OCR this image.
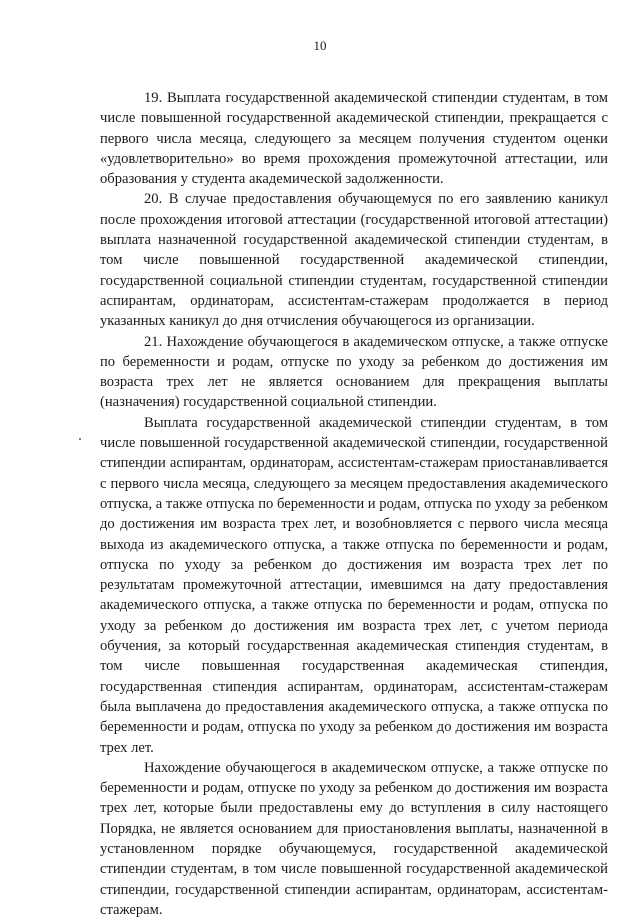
10

19. Выплата государственной академической стипендии студентам, в том числе повышенной государственной академической стипендии, прекращается с первого числа месяца, следующего за месяцем получения студентом оценки «удовлетворительно» во время прохождения промежуточной аттестации, или образования у студента академической задолженности.

20. В случае предоставления обучающемуся по его заявлению каникул после прохождения итоговой аттестации (государственной итоговой аттестации) выплата назначенной государственной академической стипендии студентам, в том числе повышенной государственной академической стипендии, государственной социальной стипендии студентам, государственной стипендии аспирантам, ординаторам, ассистентам-стажерам продолжается в период указанных каникул до дня отчисления обучающегося из организации.

21. Нахождение обучающегося в академическом отпуске, а также отпуске по беременности и родам, отпуске по уходу за ребенком до достижения им возраста трех лет не является основанием для прекращения выплаты (назначения) государственной социальной стипендии.

Выплата государственной академической стипендии студентам, в том числе повышенной государственной академической стипендии, государственной стипендии аспирантам, ординаторам, ассистентам-стажерам приостанавливается с первого числа месяца, следующего за месяцем предоставления академического отпуска, а также отпуска по беременности и родам, отпуска по уходу за ребенком до достижения им возраста трех лет, и возобновляется с первого числа месяца выхода из академического отпуска, а также отпуска по беременности и родам, отпуска по уходу за ребенком до достижения им возраста трех лет по результатам промежуточной аттестации, имевшимся на дату предоставления академического отпуска, а также отпуска по беременности и родам, отпуска по уходу за ребенком до достижения им возраста трех лет, с учетом периода обучения, за который государственная академическая стипендия студентам, в том числе повышенная государственная академическая стипендия, государственная стипендия аспирантам, ординаторам, ассистентам-стажерам была выплачена до предоставления академического отпуска, а также отпуска по беременности и родам, отпуска по уходу за ребенком до достижения им возраста трех лет.

Нахождение обучающегося в академическом отпуске, а также отпуске по беременности и родам, отпуске по уходу за ребенком до достижения им возраста трех лет, которые были предоставлены ему до вступления в силу настоящего Порядка, не является основанием для приостановления выплаты, назначенной в установленном порядке обучающемуся, государственной академической стипендии студентам, в том числе повышенной государственной академической стипендии, государственной стипендии аспирантам, ординаторам, ассистентам-стажерам.
